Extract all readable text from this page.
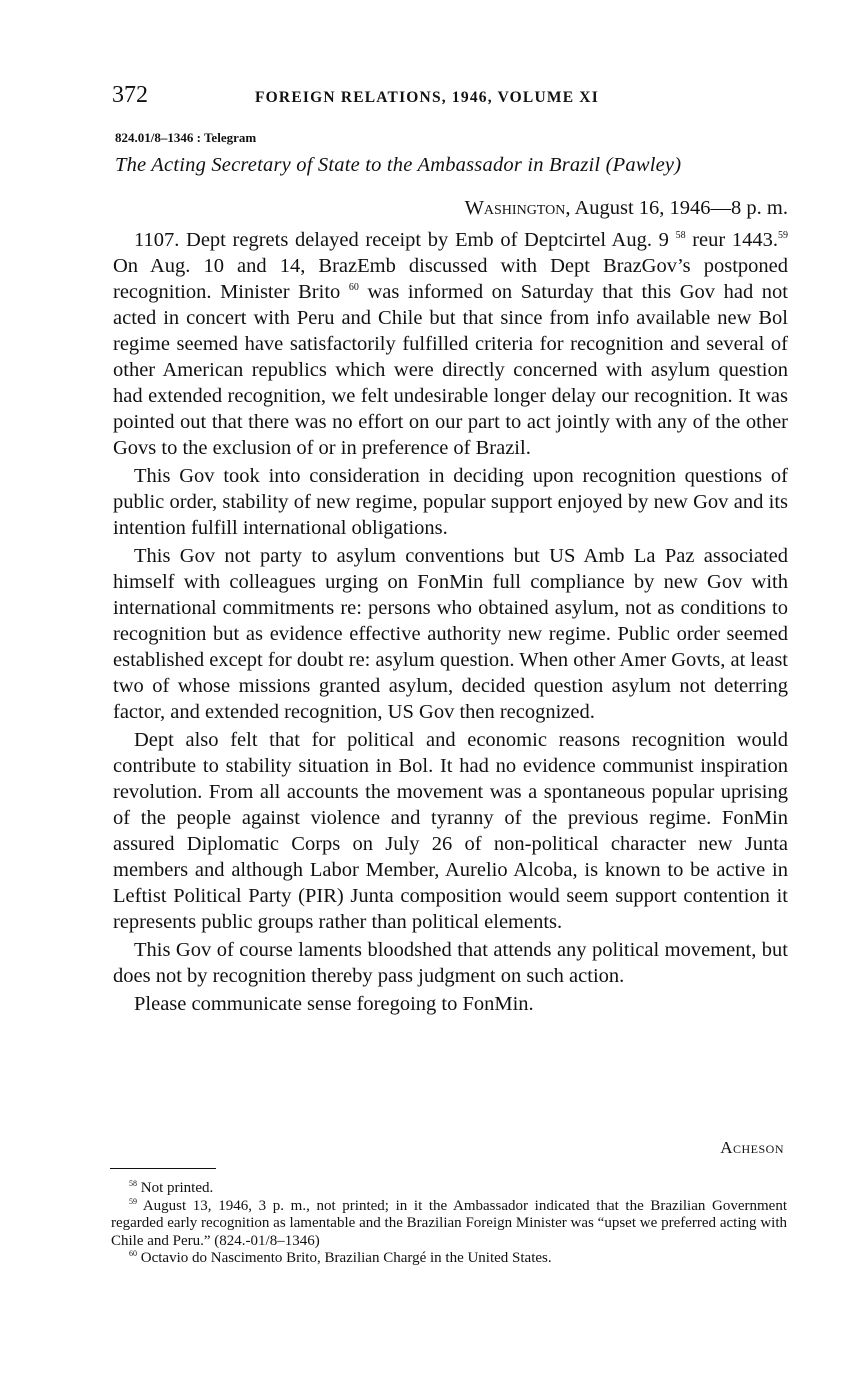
372	FOREIGN RELATIONS, 1946, VOLUME XI
824.01/8–1346 : Telegram
The Acting Secretary of State to the Ambassador in Brazil (Pawley)
Washington, August 16, 1946—8 p. m.

1107. Dept regrets delayed receipt by Emb of Deptcirtel Aug. 9 $^{58}$ reur 1443.59 On Aug. 10 and 14, BrazEmb discussed with Dept BrazGov’s postponed recognition. Minister Brito $^{60}$ was informed on Saturday that this Gov had not acted in concert with Peru and Chile but that since from info available new Bol regime seemed have satisfactorily fulfilled criteria for recognition and several of other American republics which were directly concerned with asylum question had extended recognition, we felt undesirable longer delay our recognition. It was pointed out that there was no effort on our part to act jointly with any of the other Govs to the exclusion of or in preference of Brazil.

This Gov took into consideration in deciding upon recognition questions of public order, stability of new regime, popular support enjoyed by new Gov and its intention fulfill international obligations.

This Gov not party to asylum conventions but US Amb La Paz associated himself with colleagues urging on FonMin full compliance by new Gov with international commitments re: persons who obtained asylum, not as conditions to recognition but as evidence effective authority new regime. Public order seemed established except for doubt re: asylum question. When other Amer Govts, at least two of whose missions granted asylum, decided question asylum not deterring factor, and extended recognition, US Gov then recognized.

Dept also felt that for political and economic reasons recognition would contribute to stability situation in Bol. It had no evidence communist inspiration revolution. From all accounts the movement was a spontaneous popular uprising of the people against violence and tyranny of the previous regime. FonMin assured Diplomatic Corps on July 26 of non-political character new Junta members and although Labor Member, Aurelio Alcoba, is known to be active in Leftist Political Party (PIR) Junta composition would seem support contention it represents public groups rather than political elements.

This Gov of course laments bloodshed that attends any political movement, but does not by recognition thereby pass judgment on such action.

Please communicate sense foregoing to FonMin.

Acheson

$^{58}$ Not printed.

$^{59}$ August 13, 1946, 3 p. m., not printed; in it the Ambassador indicated that the Brazilian Government regarded early recognition as lamentable and the Brazilian Foreign Minister was “upset we preferred acting with Chile and Peru.” (824.-01/8–1346)

$^{60}$ Octavio do Nascimento Brito, Brazilian Chargé in the United States.
